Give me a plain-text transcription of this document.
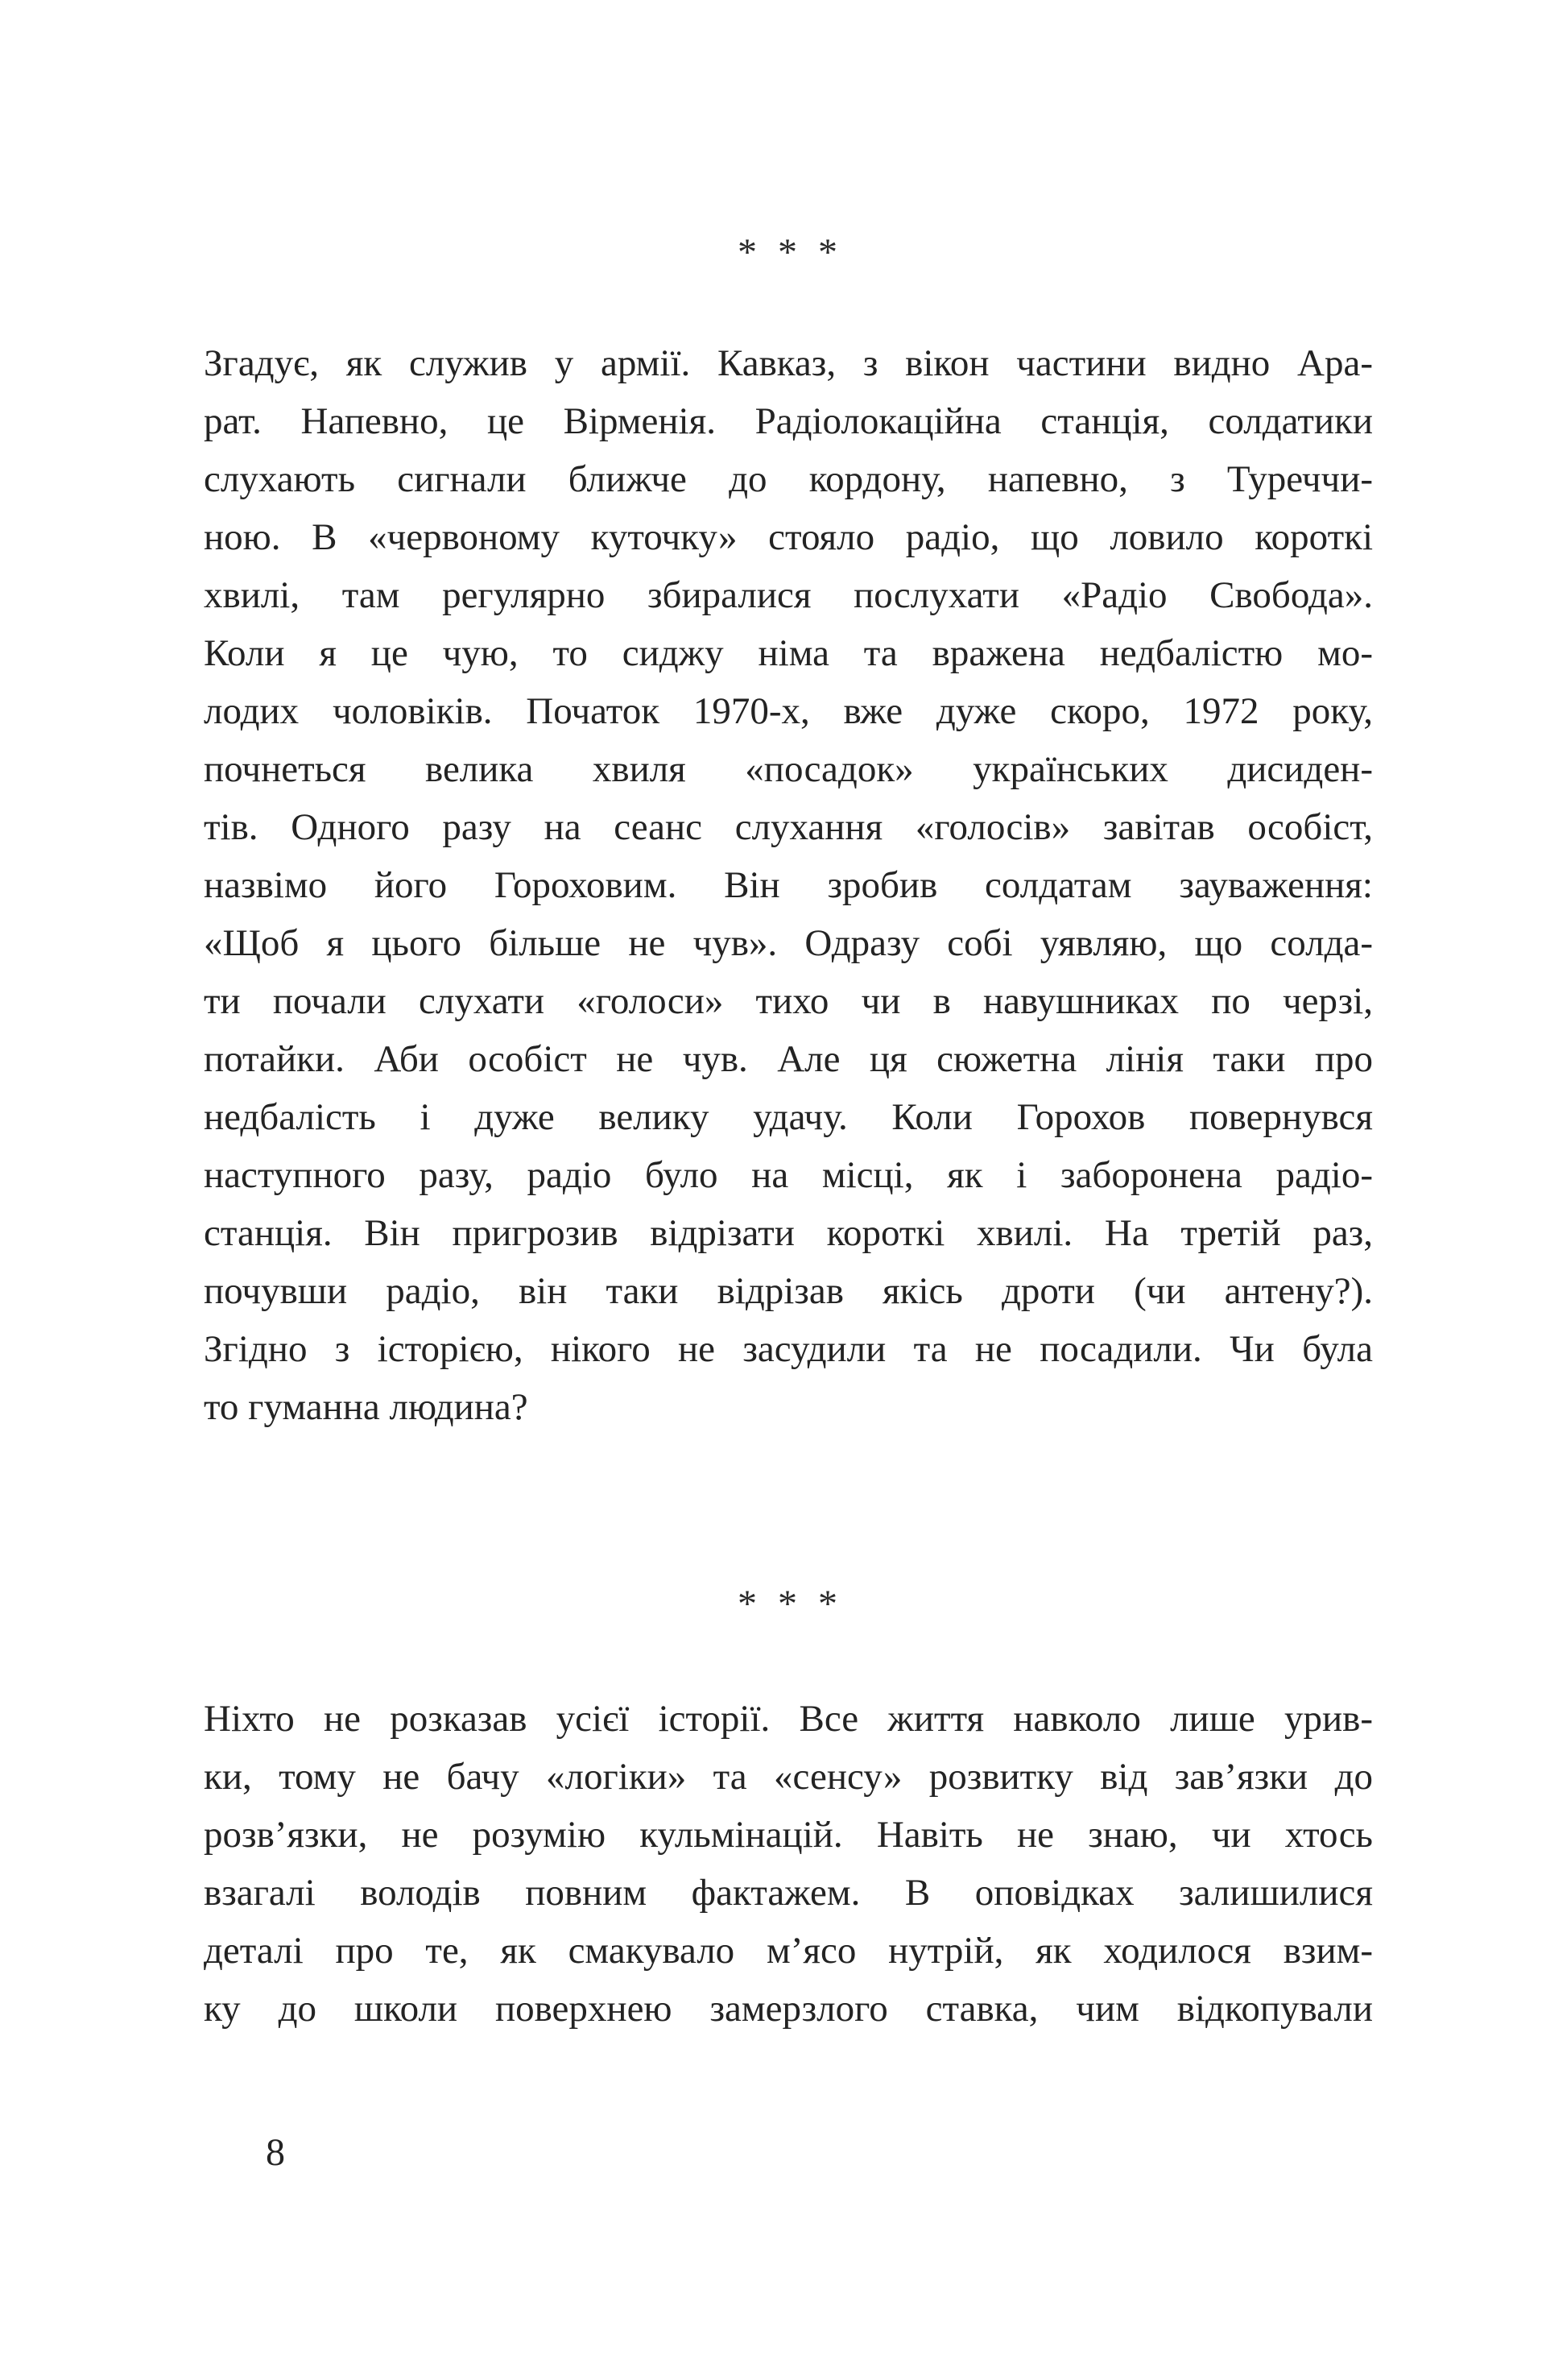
* * *
Згадує, як служив у армії. Кавказ, з вікон частини видно Ара-
рат. Напевно, це Вірменія. Радіолокаційна станція, солдатики
слухають сигнали ближче до кордону, напевно, з Туреччи-
ною. В «червоному куточку» стояло радіо, що ловило короткі
хвилі, там регулярно збиралися послухати «Радіо Свобода».
Коли я це чую, то сиджу німа та вражена недбалістю мо-
лодих чоловіків. Початок 1970-х, вже дуже скоро, 1972 року,
почнеться велика хвиля «посадок» українських дисиден-
тів. Одного разу на сеанс слухання «голосів» завітав особіст,
назвімо його Гороховим. Він зробив солдатам зауваження:
«Щоб я цього більше не чув». Одразу собі уявляю, що солда-
ти почали слухати «голоси» тихо чи в навушниках по черзі,
потайки. Аби особіст не чув. Але ця сюжетна лінія таки про
недбалість і дуже велику удачу. Коли Горохов повернувся
наступного разу, радіо було на місці, як і заборонена радіо-
станція. Він пригрозив відрізати короткі хвилі. На третій раз,
почувши радіо, він таки відрізав якісь дроти (чи антену?).
Згідно з історією, нікого не засудили та не посадили. Чи була
то гуманна людина?
* * *
Ніхто не розказав усієї історії. Все життя навколо лише урив-
ки, тому не бачу «логіки» та «сенсу» розвитку від зав’язки до
розв’язки, не розумію кульмінацій. Навіть не знаю, чи хтось
взагалі володів повним фактажем. В оповідках залишилися
деталі про те, як смакувало м’ясо нутрій, як ходилося взим-
ку до школи поверхнею замерзлого ставка, чим відкопували
8
